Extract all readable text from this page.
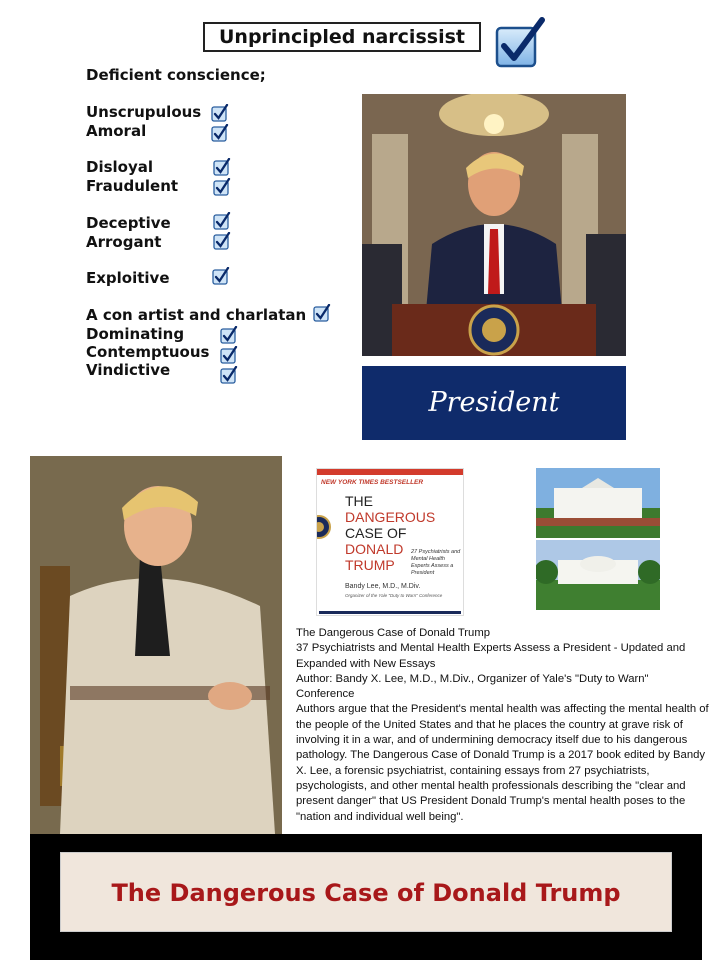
Unprincipled narcissist
Deficient conscience;
Unscrupulous
Amoral
Disloyal
Fraudulent
Deceptive
Arrogant
Exploitive
A con artist and charlatan
Dominating
Contemptuous
Vindictive
President
NEW YORK TIMES BESTSELLER
THE
DANGEROUS
CASE OF
DONALD
TRUMP
27 Psychiatrists and Mental Health Experts Assess a President
Bandy Lee, M.D., M.Div.
Organizer of the Yale "Duty to Warn" Conference

The Dangerous Case of Donald Trump

37 Psychiatrists and Mental Health Experts Assess a President - Updated and Expanded with New Essays

Author: Bandy X. Lee, M.D., M.Div., Organizer of Yale's "Duty to Warn" Conference

Authors argue that the President's mental health was affecting the mental health of the people of the United States and that he places the country at grave risk of involving it in a war, and of undermining democracy itself due to his dangerous pathology. The Dangerous Case of Donald Trump is a 2017 book edited by Bandy X. Lee, a forensic psychiatrist, containing essays from 27 psychiatrists, psychologists, and other mental health professionals describing the "clear and present danger" that US President Donald Trump's mental health poses to the "nation and individual well being".

The Dangerous Case of Donald Trump
